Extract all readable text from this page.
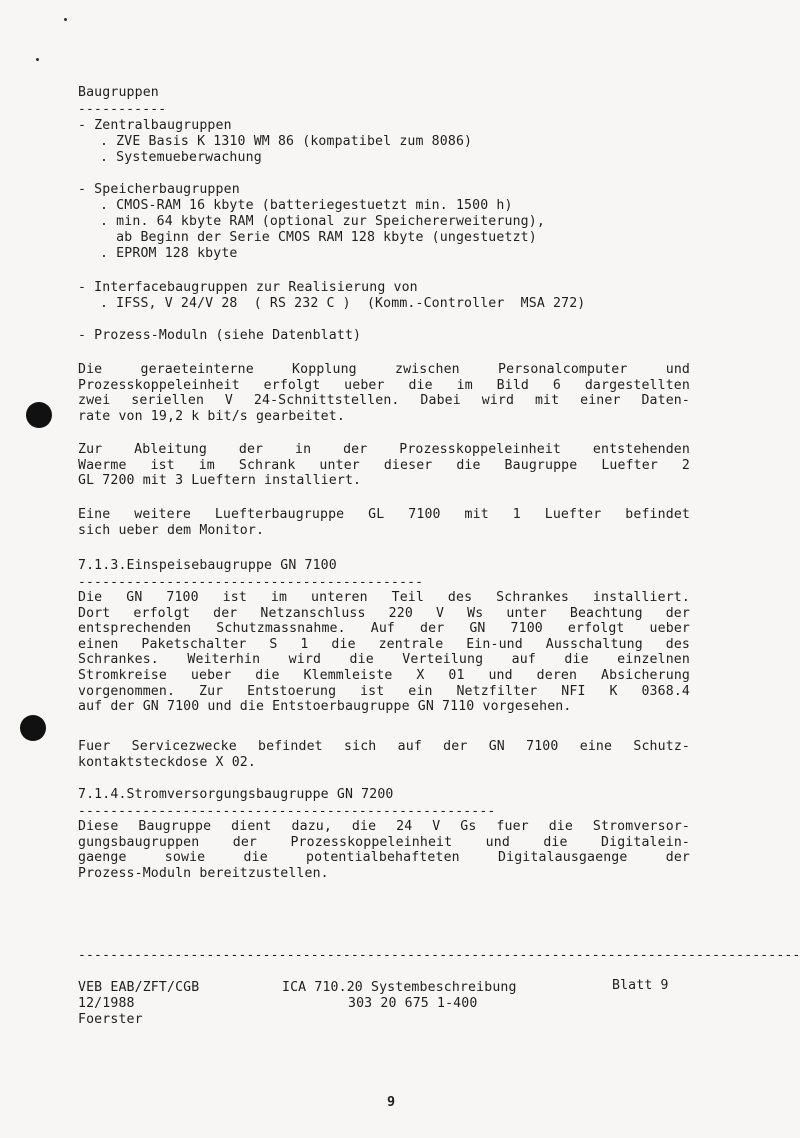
Baugruppen
-----------
- Zentralbaugruppen
. ZVE Basis K 1310 WM 86 (kompatibel zum 8086)
. Systemueberwachung
- Speicherbaugruppen
. CMOS-RAM 16 kbyte (batteriegestuetzt min. 1500 h)
. min. 64 kbyte RAM (optional zur Speichererweiterung),
ab Beginn der Serie CMOS RAM 128 kbyte (ungestuetzt)
. EPROM 128 kbyte
- Interfacebaugruppen zur Realisierung von
. IFSS, V 24/V 28  ( RS 232 C )  (Komm.-Controller  MSA 272)
- Prozess-Moduln (siehe Datenblatt)
Die geraeteinterne Kopplung zwischen Personalcomputer und
Prozesskoppeleinheit erfolgt ueber die im Bild 6 dargestellten
zwei seriellen V 24-Schnittstellen. Dabei wird mit einer Daten-
rate von 19,2 k bit/s gearbeitet.
Zur Ableitung der in der Prozesskoppeleinheit entstehenden
Waerme ist im Schrank unter dieser die Baugruppe Luefter 2
GL 7200 mit 3 Lueftern installiert.
Eine weitere Luefterbaugruppe GL 7100 mit 1 Luefter befindet
sich ueber dem Monitor.
7.1.3.Einspeisebaugruppe GN 7100
-------------------------------------------
Die GN 7100 ist im unteren Teil des Schrankes installiert.
Dort erfolgt der Netzanschluss 220 V Ws unter Beachtung der
entsprechenden Schutzmassnahme. Auf der GN 7100 erfolgt ueber
einen Paketschalter S 1 die zentrale Ein-und Ausschaltung des
Schrankes. Weiterhin wird die Verteilung auf die einzelnen
Stromkreise ueber die Klemmleiste X 01 und deren Absicherung
vorgenommen. Zur Entstoerung ist ein Netzfilter NFI K 0368.4
auf der GN 7100 und die Entstoerbaugruppe GN 7110 vorgesehen.
Fuer Servicezwecke befindet sich auf der GN 7100 eine Schutz-
kontaktsteckdose X 02.
7.1.4.Stromversorgungsbaugruppe GN 7200
----------------------------------------------------
Diese Baugruppe dient dazu, die 24 V Gs fuer die Stromversor-
gungsbaugruppen der Prozesskoppeleinheit und die Digitalein-
gaenge sowie die potentialbehafteten Digitalausgaenge der
Prozess-Moduln bereitzustellen.
------------------------------------------------------------------------------------------
VEB EAB/ZFT/CGB
12/1988
Foerster
ICA 710.20 Systembeschreibung
303 20 675 1-400
Blatt 9
9
